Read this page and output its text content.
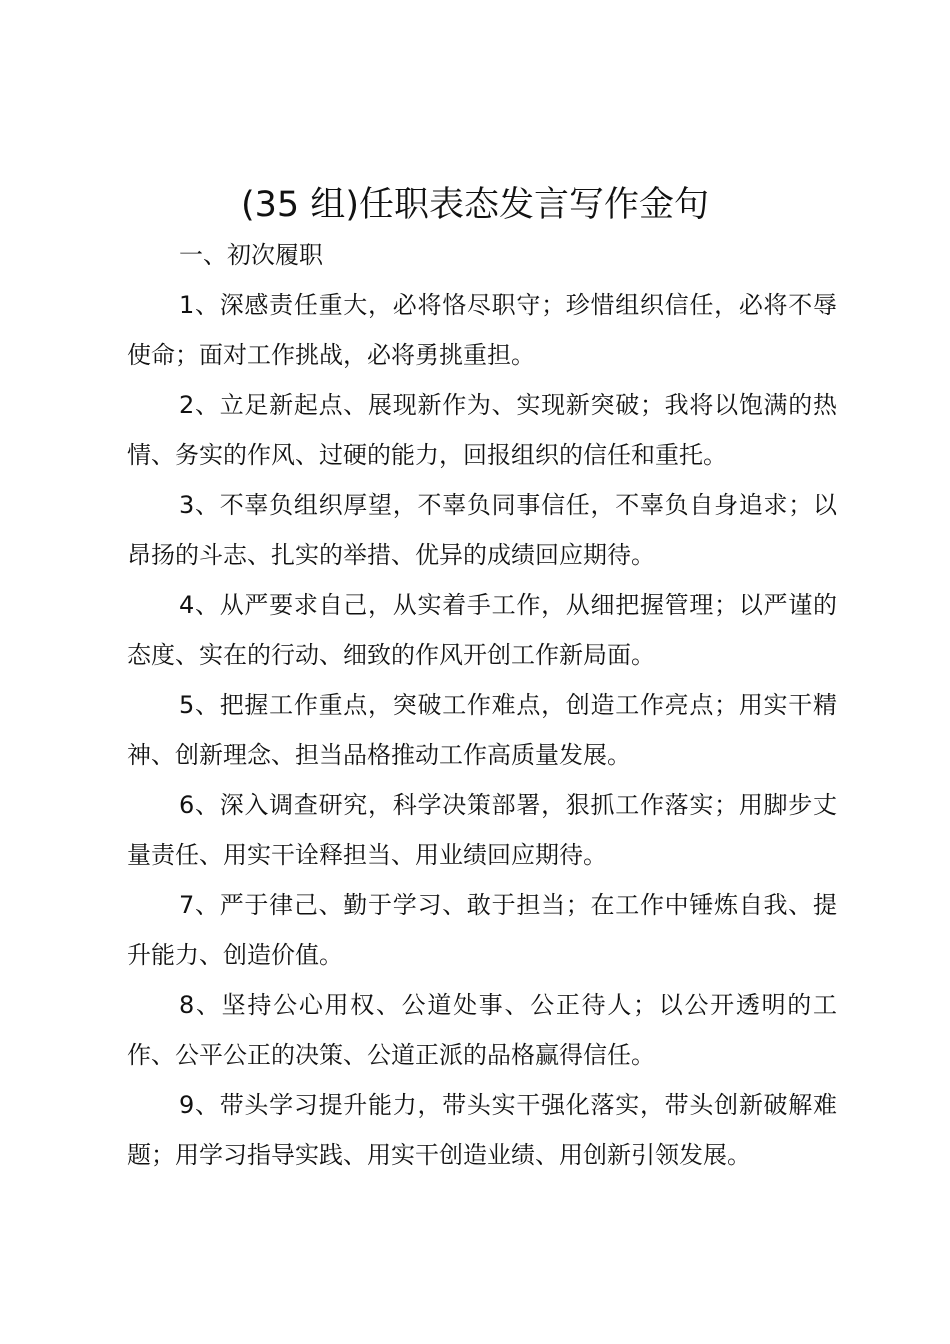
(35 组)任职表态发言写作金句

一、初次履职

1、深感责任重大，必将恪尽职守；珍惜组织信任，必将不辱使命；面对工作挑战，必将勇挑重担。

2、立足新起点、展现新作为、实现新突破；我将以饱满的热情、务实的作风、过硬的能力，回报组织的信任和重托。

3、不辜负组织厚望，不辜负同事信任，不辜负自身追求；以昂扬的斗志、扎实的举措、优异的成绩回应期待。

4、从严要求自己，从实着手工作，从细把握管理；以严谨的态度、实在的行动、细致的作风开创工作新局面。

5、把握工作重点，突破工作难点，创造工作亮点；用实干精神、创新理念、担当品格推动工作高质量发展。

6、深入调查研究，科学决策部署，狠抓工作落实；用脚步丈量责任、用实干诠释担当、用业绩回应期待。

7、严于律己、勤于学习、敢于担当；在工作中锤炼自我、提升能力、创造价值。

8、坚持公心用权、公道处事、公正待人；以公开透明的工作、公平公正的决策、公道正派的品格赢得信任。

9、带头学习提升能力，带头实干强化落实，带头创新破解难题；用学习指导实践、用实干创造业绩、用创新引领发展。
